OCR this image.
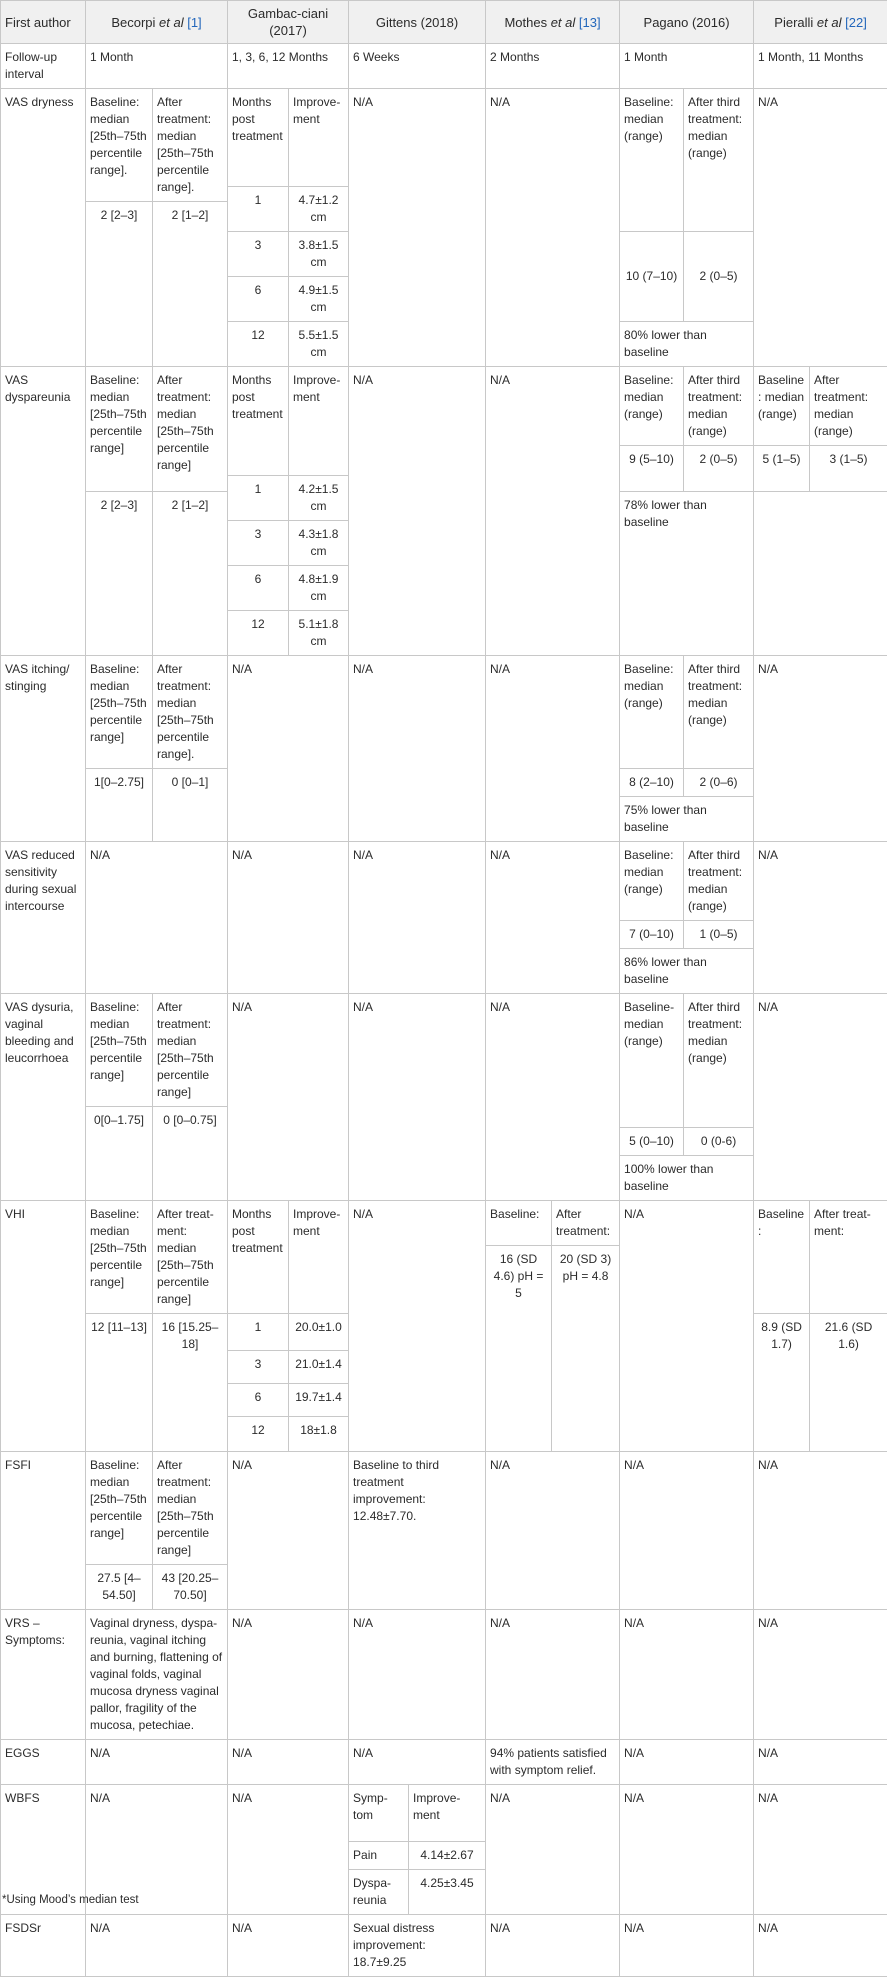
First author	Becorpi et al [1]		Gambac-ciani (2017)		Gittens (2018)		Mothes et al [13]		Pagano (2016)		Pieralli et al [22]	
Follow-up interval	1 Month		1, 3, 6, 12 Months		6 Weeks		2 Months		1 Month		1 Month, 11 Months	
VAS dryness	Baseline: median [25th–75th percentile range].	After treatment: median [25th–75th percentile range].	Months post treatment	Improve-ment	N/A		N/A		Baseline: median (range)	After third treatment: median (range)	N/A	

			1	4.7±1.2 cm								
	2 [2–3]	2 [1–2]										
			3	3.8±1.5 cm					10 (7–10)	2 (0–5)		
			6	4.9±1.5 cm								
			12	5.5±1.5 cm					80% lower than baseline			
VAS dyspareunia	Baseline: median [25th–75th percentile range]	After treatment: median [25th–75th percentile range]	Months post treatment	Improve-ment	N/A		N/A		Baseline: median (range)	After third treatment: median (range)	Baseline: median (range)	After treatment: median (range)
									9 (5–10)	2 (0–5)	5 (1–5)	3 (1–5)
			1	4.2±1.5 cm								
	2 [2–3]	2 [1–2]							78% lower than baseline			
			3	4.3±1.8 cm								
			6	4.8±1.9 cm								
			12	5.1±1.8 cm								
VAS itching/ stinging	Baseline: median [25th–75th percentile range]	After treatment: median [25th–75th percentile range].	N/A		N/A		N/A		Baseline: median (range)	After third treatment: median (range)	N/A	
	1[0–2.75]	0 [0–1]							8 (2–10)	2 (0–6)		
									75% lower than baseline			
VAS reduced sensitivity during sexual intercourse	N/A		N/A		N/A		N/A		Baseline: median (range)	After third treatment: median (range)	N/A	
									7 (0–10)	1 (0–5)		
									86% lower than baseline			
VAS dysuria, vaginal bleeding and leucorrhoea	Baseline: median [25th–75th percentile range]	After treatment: median [25th–75th percentile range]	N/A		N/A		N/A		Baseline- median (range)	After third treatment: median (range)	N/A	
	0[0–1.75]	0 [0–0.75]										
									5 (0–10)	0 (0-6)		
									100% lower than baseline			
VHI	Baseline: median [25th–75th percentile range]	After treat-ment: median [25th–75th percentile range]	Months post treatment	Improve-ment	N/A		Baseline:	After treatment:	N/A		Baseline:	After treat-ment:
							16 (SD 4.6) pH = 5	20 (SD 3) pH = 4.8				
	12 [11–13]	16 [15.25–18]	1	20.0±1.0							8.9 (SD 1.7)	21.6 (SD 1.6)
			3	21.0±1.4								
			6	19.7±1.4								
			12	18±1.8								
FSFI	Baseline: median [25th–75th percentile range]	After treatment: median [25th–75th percentile range]	N/A		Baseline to third treatment improvement: 12.48±7.70.		N/A		N/A		N/A	
	27.5 [4–54.50]	43 [20.25–70.50]										
VRS – Symptoms:	Vaginal dryness, dyspa-reunia, vaginal itching and burning, flattening of vaginal folds, vaginal mucosa dryness vaginal pallor, fragility of the mucosa, petechiae.		N/A		N/A		N/A		N/A		N/A	
EGGS	N/A		N/A		N/A		94% patients satisfied with symptom relief.		N/A		N/A	
WBFS	N/A		N/A		Symp-tom	Improve-ment	N/A		N/A		N/A	
					Pain	4.14±2.67						
					Dyspa-reunia	4.25±3.45						
FSDSr	N/A		N/A		Sexual distress improvement: 18.7±9.25		N/A		N/A		N/A	

*Using Mood’s median test
